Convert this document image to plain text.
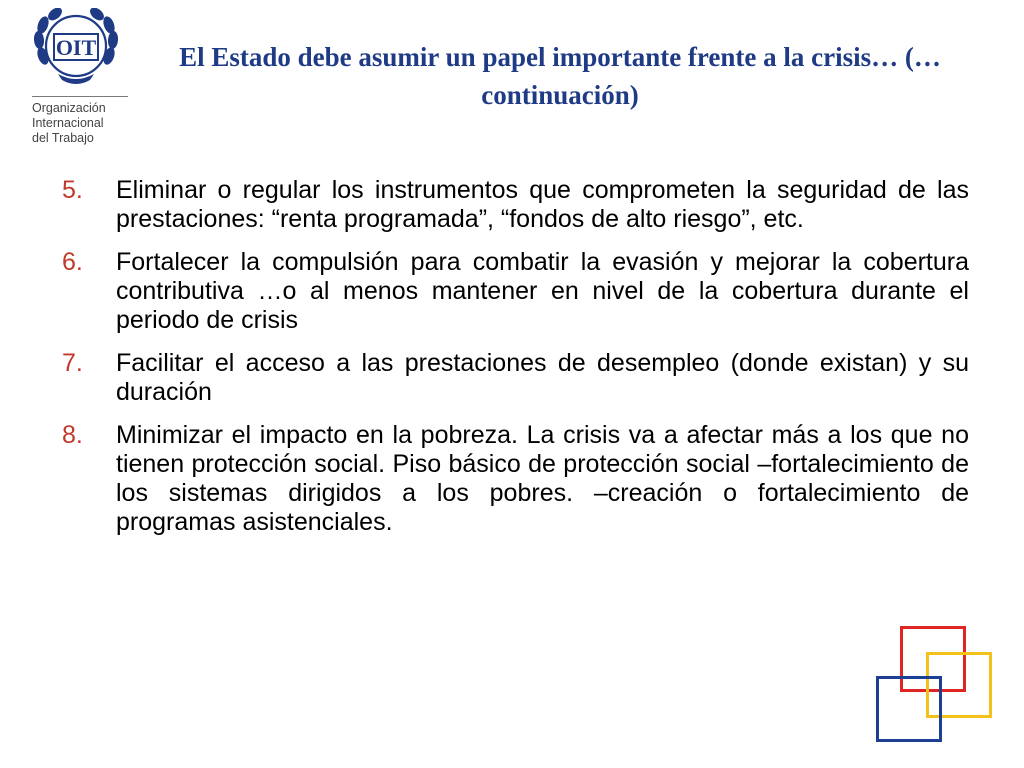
OIT
Organización
Internacional
del Trabajo
El Estado debe asumir un papel importante frente a la crisis… (…continuación)
5. Eliminar o regular los instrumentos que comprometen la seguridad de las prestaciones: “renta programada”, “fondos de alto riesgo”, etc.
6. Fortalecer la compulsión para combatir la evasión y mejorar la cobertura contributiva …o al menos mantener en nivel de la cobertura durante el periodo de crisis
7. Facilitar el acceso a las prestaciones de desempleo (donde existan) y su duración
8. Minimizar el impacto en la pobreza. La crisis va a afectar más a los que no tienen protección social. Piso básico de protección social –fortalecimiento de los sistemas dirigidos a los pobres. –creación o fortalecimiento de programas asistenciales.
